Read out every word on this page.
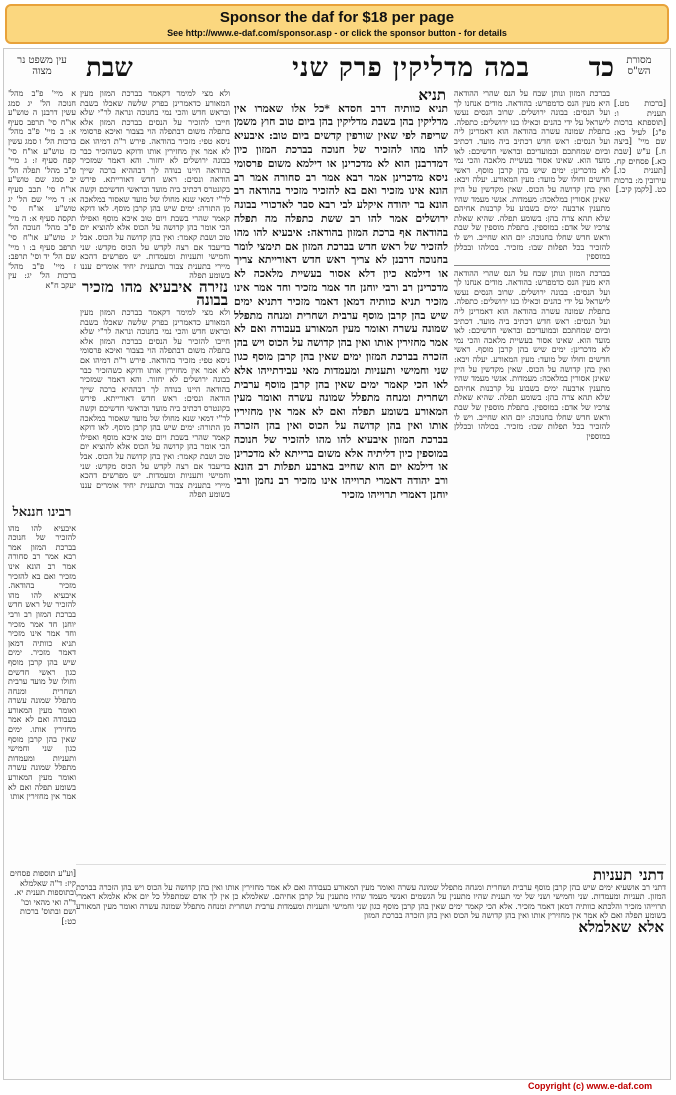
Sponsor the daf for $18 per page
See http://www.e-daf.com/sponsor.asp - or click the sponsor button - for details
מסורת הש"ס
כד
במה מדליקין פרק שני
שבת
עין משפט נר מצוה
[ברכות מט.] תענית ו: [תוספתא ברכות פ"ג] לעיל כא: שם מיי' [ביצה ח.] ע"ש [שבת כא.] פסחים קח. [תענית כו.] עירובין מ: ברכות כט. [לקמן קיב.]
בברכת המזון ונותן שבח על הנס שהרי ההודאה היא מעין הנס כדמפרש: בהודאה. מודים אנחנו לך ועל הנסים: בבונה ירושלים. שרוב הנסים נעשו לישראל על ידי כהנים וכאילו בנו ירושלים: כתפלה. בתפלת שמונה עשרה בהודאה הוא דאמרינן ליה ועל הנסים: ראש חדש דכתיב ביה מועד. דכתיב וביום שמחתכם ובמועדיכם ובראשי חדשיכם: לאו מועד הוא. שאינו אסור בעשיית מלאכה והכי נמי לא מדכרינן: ימים שיש בהן קרבן מוסף. ראשי חדשים וחולו של מועד: מעין המאורע. יעלה ויבא: ואין בהן קדושה על הכוס. שאין מקדשין על היין שאינן אסורין במלאכה: מעמדות. אנשי מעמד שהיו מתענין ארבעה ימים בשבוע על קרבנות אחיהם שלא תהא צרה בהן: בשומע תפלה. שהיא שאלת צרכיו של אדם: במוספין. בתפלת מוספין של שבת וראש חדש שחלו בחנוכה: יום הוא שחייב. ויש לו להזכיר בכל תפלות שבו: מזכיר. בכולהו ובכללן במוספין
בברכת המזון ונותן שבח על הנס שהרי ההודאה היא מעין הנס כדמפרש: בהודאה. מודים אנחנו לך ועל הנסים: בבונה ירושלים. שרוב הנסים נעשו לישראל על ידי כהנים וכאילו בנו ירושלים: כתפלה. בתפלת שמונה עשרה בהודאה הוא דאמרינן ליה ועל הנסים: ראש חדש דכתיב ביה מועד. דכתיב וביום שמחתכם ובמועדיכם ובראשי חדשיכם: לאו מועד הוא. שאינו אסור בעשיית מלאכה והכי נמי לא מדכרינן: ימים שיש בהן קרבן מוסף. ראשי חדשים וחולו של מועד: מעין המאורע. יעלה ויבא: ואין בהן קדושה על הכוס. שאין מקדשין על היין שאינן אסורין במלאכה: מעמדות. אנשי מעמד שהיו מתענין ארבעה ימים בשבוע על קרבנות אחיהם שלא תהא צרה בהן: בשומע תפלה. שהיא שאלת צרכיו של אדם: במוספין. בתפלת מוספין של שבת וראש חדש שחלו בחנוכה: יום הוא שחייב. ויש לו להזכיר בכל תפלות שבו: מזכיר. בכולהו ובכללן במוספין
תניא
תניא כוותיה דרב חסדא *כל אלו שאמרו אין מדליקין בהן בשבת מדליקין בהן ביום טוב חוץ משמן שריפה לפי שאין שורפין קדשים ביום טוב: איבעיא להו מהו להזכיר של חנוכה בברכת המזון כיון דמדרבנן הוא לא מדכרינן או דילמא משום פרסומי ניסא מדכרינן אמר רבא אמר רב סחורה אמר רב הונא אינו מזכיר ואם בא להזכיר מזכיר בהודאה רב הונא בר יהודה איקלע לבי רבא סבר לאדכורי בבונה ירושלים אמר להו רב ששת כתפלה מה תפלה בהודאה אף ברכת המזון בהודאה: איבעיא להו מהו להזכיר של ראש חדש בברכת המזון אם תימצי לומר בחנוכה דרבנן לא צריך ראש חדש דאורייתא צריך או דילמא כיון דלא אסור בעשיית מלאכה לא מדכרינן רב ורבי יוחנן חד אמר מזכיר וחד אמר אינו מזכיר תניא כוותיה דמאן דאמר מזכיר דתניא ימים שיש בהן קרבן מוסף ערבית ושחרית ומנחה מתפלל שמונה עשרה ואומר מעין המאורע בעבודה ואם לא אמר מחזירין אותו ואין בהן קדושה על הכוס ויש בהן הזכרה בברכת המזון ימים שאין בהן קרבן מוסף כגון שני וחמישי ותעניות ומעמדות מאי עבידתייהו אלא לאו הכי קאמר ימים שאין בהן קרבן מוסף ערבית ושחרית ומנחה מתפלל שמונה עשרה ואומר מעין המאורע בשומע תפלה ואם לא אמר אין מחזירין אותו ואין בהן קדושה על הכוס ואין בהן הזכרה בברכת המזון איבעיא להו מהו להזכיר של חנוכה במוספין כיון דליתיה אלא משום ברייתא לא מדכרינן או דילמא יום הוא שחייב בארבע תפלות רב הונא ורב יהודה דאמרי תרוייהו אינו מזכיר רב נחמן ורבי יוחנן דאמרי תרוייהו מזכיר
ולא מצי למימר דקאמר בברכת המזון מעין המאורע כדאמרינן בפרק שלשה שאכלו בשבת ובראש חדש והכי נמי בחנוכה ונראה לר"י שלא חייבו להזכיר על הנסים בברכת המזון אלא בתפלה משום דבתפלה הוי בצבור ואיכא פרסומי ניסא טפי: מזכיר בהודאה. פירש ר"ת דמיהו אם לא אמר אין מחזירין אותו ודוקא כשהזכיר כבר בבונה ירושלים לא יחזור. והא דאמר שמזכיר בהודאה היינו בנודה לך דבההיא ברכה שייך הודאה ונסים: ראש חדש דאורייתא. פירש בקונטרס דכתיב ביה מועד ובראשי חדשיכם וקשה לר"י דמאי שנא מחולו של מועד שאסור במלאכה מן התורה: ימים שיש בהן קרבן מוסף. לאו דוקא קאמר שהרי בשבת ויום טוב איכא מוסף ואפילו הכי אומר בהן קדושה על הכוס אלא להוציא יום טוב ושבת קאמר: ואין בהן קדושה על הכוס. אבל בדיעבד אם רצה לקדש על הכוס מקדש: שני וחמישי ותעניות ומעמדות. יש מפרשים דהכא מיירי בתענית צבור ובתענית יחיד אומרים עננו בשומע תפלה
נזירה איבעיא מהו מזכיר בבונה
ולא מצי למימר דקאמר בברכת המזון מעין המאורע כדאמרינן בפרק שלשה שאכלו בשבת ובראש חדש והכי נמי בחנוכה ונראה לר"י שלא חייבו להזכיר על הנסים בברכת המזון אלא בתפלה משום דבתפלה הוי בצבור ואיכא פרסומי ניסא טפי: מזכיר בהודאה. פירש ר"ת דמיהו אם לא אמר אין מחזירין אותו ודוקא כשהזכיר כבר בבונה ירושלים לא יחזור. והא דאמר שמזכיר בהודאה היינו בנודה לך דבההיא ברכה שייך הודאה ונסים: ראש חדש דאורייתא. פירש בקונטרס דכתיב ביה מועד ובראשי חדשיכם וקשה לר"י דמאי שנא מחולו של מועד שאסור במלאכה מן התורה: ימים שיש בהן קרבן מוסף. לאו דוקא קאמר שהרי בשבת ויום טוב איכא מוסף ואפילו הכי אומר בהן קדושה על הכוס אלא להוציא יום טוב ושבת קאמר: ואין בהן קדושה על הכוס. אבל בדיעבד אם רצה לקדש על הכוס מקדש: שני וחמישי ותעניות ומעמדות. יש מפרשים דהכא מיירי בתענית צבור ובתענית יחיד אומרים עננו בשומע תפלה
א מיי' פ"ב מהל' חנוכה הל' יג סמג עשין דרבנן ה טוש"ע או"ח סי' תרפב סעיף א: ב מיי' פ"ב מהל' ברכות הל' ו סמג עשין כז טוש"ע או"ח סי' קפח סעיף ז: ג מיי' פ"ב מהל' תפלה הל' יב סמג שם טוש"ע או"ח סי' תכב סעיף א: ד מיי' שם הל' יג טוש"ע או"ח סי' תקסה סעיף א: ה מיי' פ"ב מהל' חנוכה הל' יג טוש"ע או"ח סי' תרפב סעיף ב: ו מיי' שם הל' יד וסי' תרפב: ז מיי' פ"ב מהל' ברכות הל' יג: עין יעקב ח"א
רבינו חננאל
איבעיא להו מהו להזכיר של חנוכה בברכת המזון אמר רבא אמר רב סחורה אמר רב הונא אינו מזכיר ואם בא להזכיר מזכיר בהודאה. איבעיא להו מהו להזכיר של ראש חדש בברכת המזון רב ורבי יוחנן חד אמר מזכיר וחד אמר אינו מזכיר תניא כוותיה דמאן דאמר מזכיר. ימים שיש בהן קרבן מוסף כגון ראשי חדשים וחולו של מועד ערבית ושחרית ומנחה מתפלל שמונה עשרה ואומר מעין המאורע בעבודה ואם לא אמר מחזירין אותו. ימים שאין בהן קרבן מוסף כגון שני וחמישי ותעניות ומעמדות מתפלל שמונה עשרה ואומר מעין המאורע בשומע תפלה ואם לא אמר אין מחזירין אותו
דתני תעניות
דתני רב אושעיא ימים שיש בהן קרבן מוסף ערבית ושחרית ומנחה מתפלל שמונה עשרה ואומר מעין המאורע בעבודה ואם לא אמר מחזירין אותו ואין בהן קדושה על הכוס ויש בהן הזכרה בברכת המזון. תעניות ומעמדות. שני וחמישי ושני של ימי תענית שהיו מתענין על הגשמים ואנשי מעמד שהיו מתענין על קרבן אחיהם. שאלמלא כן אין לך אדם שמתפלל כל יום אלא אלמלא דאמרי תרוייהו מזכיר והלכתא כוותיה דמאן דאמר מזכיר. אלא הכי קאמר ימים שאין בהן קרבן מוסף כגון שני וחמישי ותעניות ומעמדות ערבית ושחרית ומנחה מתפלל שמונה עשרה ואומר מעין המאורע בשומע תפלה ואם לא אמר אין מחזירין אותו ואין בהן קדושה על הכוס ואין בהן הזכרה בברכת המזון
אלא שאלמלא
[וע"ע תוספות פסחים קיז: ד"ה שאלמלא ובתוספות תענית יא. ד"ה ואי מהאי וכו' ושם ובתוס' ברכות כט:]
Copyright (c) www.e-daf.com
